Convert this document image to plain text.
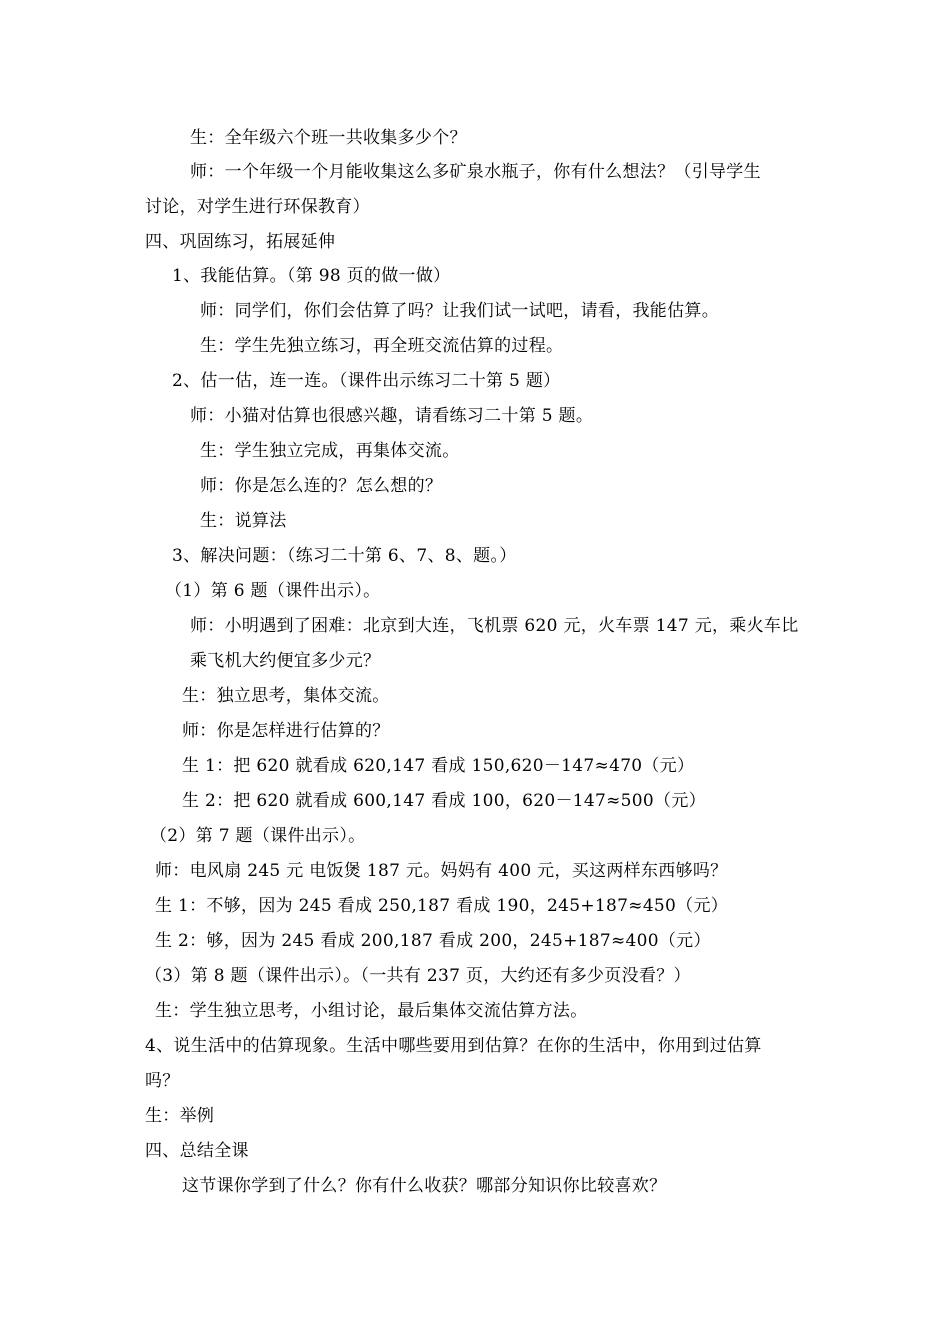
生：全年级六个班一共收集多少个？
师：一个年级一个月能收集这么多矿泉水瓶子，你有什么想法？（引导学生
讨论，对学生进行环保教育）
四、巩固练习，拓展延伸
1、我能估算。（第 98 页的做一做）
师：同学们，你们会估算了吗？让我们试一试吧，请看，我能估算。
生：学生先独立练习，再全班交流估算的过程。
2、估一估，连一连。（课件出示练习二十第 5 题）
师：小猫对估算也很感兴趣，请看练习二十第 5 题。
生：学生独立完成，再集体交流。
师：你是怎么连的？怎么想的？
生：说算法
3、解决问题：（练习二十第 6、7、8、题。）
（1）第 6 题（课件出示）。
师：小明遇到了困难：北京到大连，飞机票 620 元，火车票 147 元，乘火车比
乘飞机大约便宜多少元？
生：独立思考，集体交流。
师：你是怎样进行估算的？
生 1：把 620 就看成 620,147 看成 150,620－147≈470（元）
生 2：把 620 就看成 600,147 看成 100，620－147≈500（元）
（2）第 7 题（课件出示）。
师：电风扇 245 元 电饭煲 187 元。妈妈有 400 元，买这两样东西够吗？
生 1：不够，因为 245 看成 250,187 看成 190，245+187≈450（元）
生 2：够，因为 245 看成 200,187 看成 200，245+187≈400（元）
（3）第 8 题（课件出示）。（一共有 237 页，大约还有多少页没看？）
生：学生独立思考，小组讨论，最后集体交流估算方法。
4、说生活中的估算现象。生活中哪些要用到估算？在你的生活中，你用到过估算
吗？
生：举例
四、总结全课
这节课你学到了什么？你有什么收获？哪部分知识你比较喜欢？
